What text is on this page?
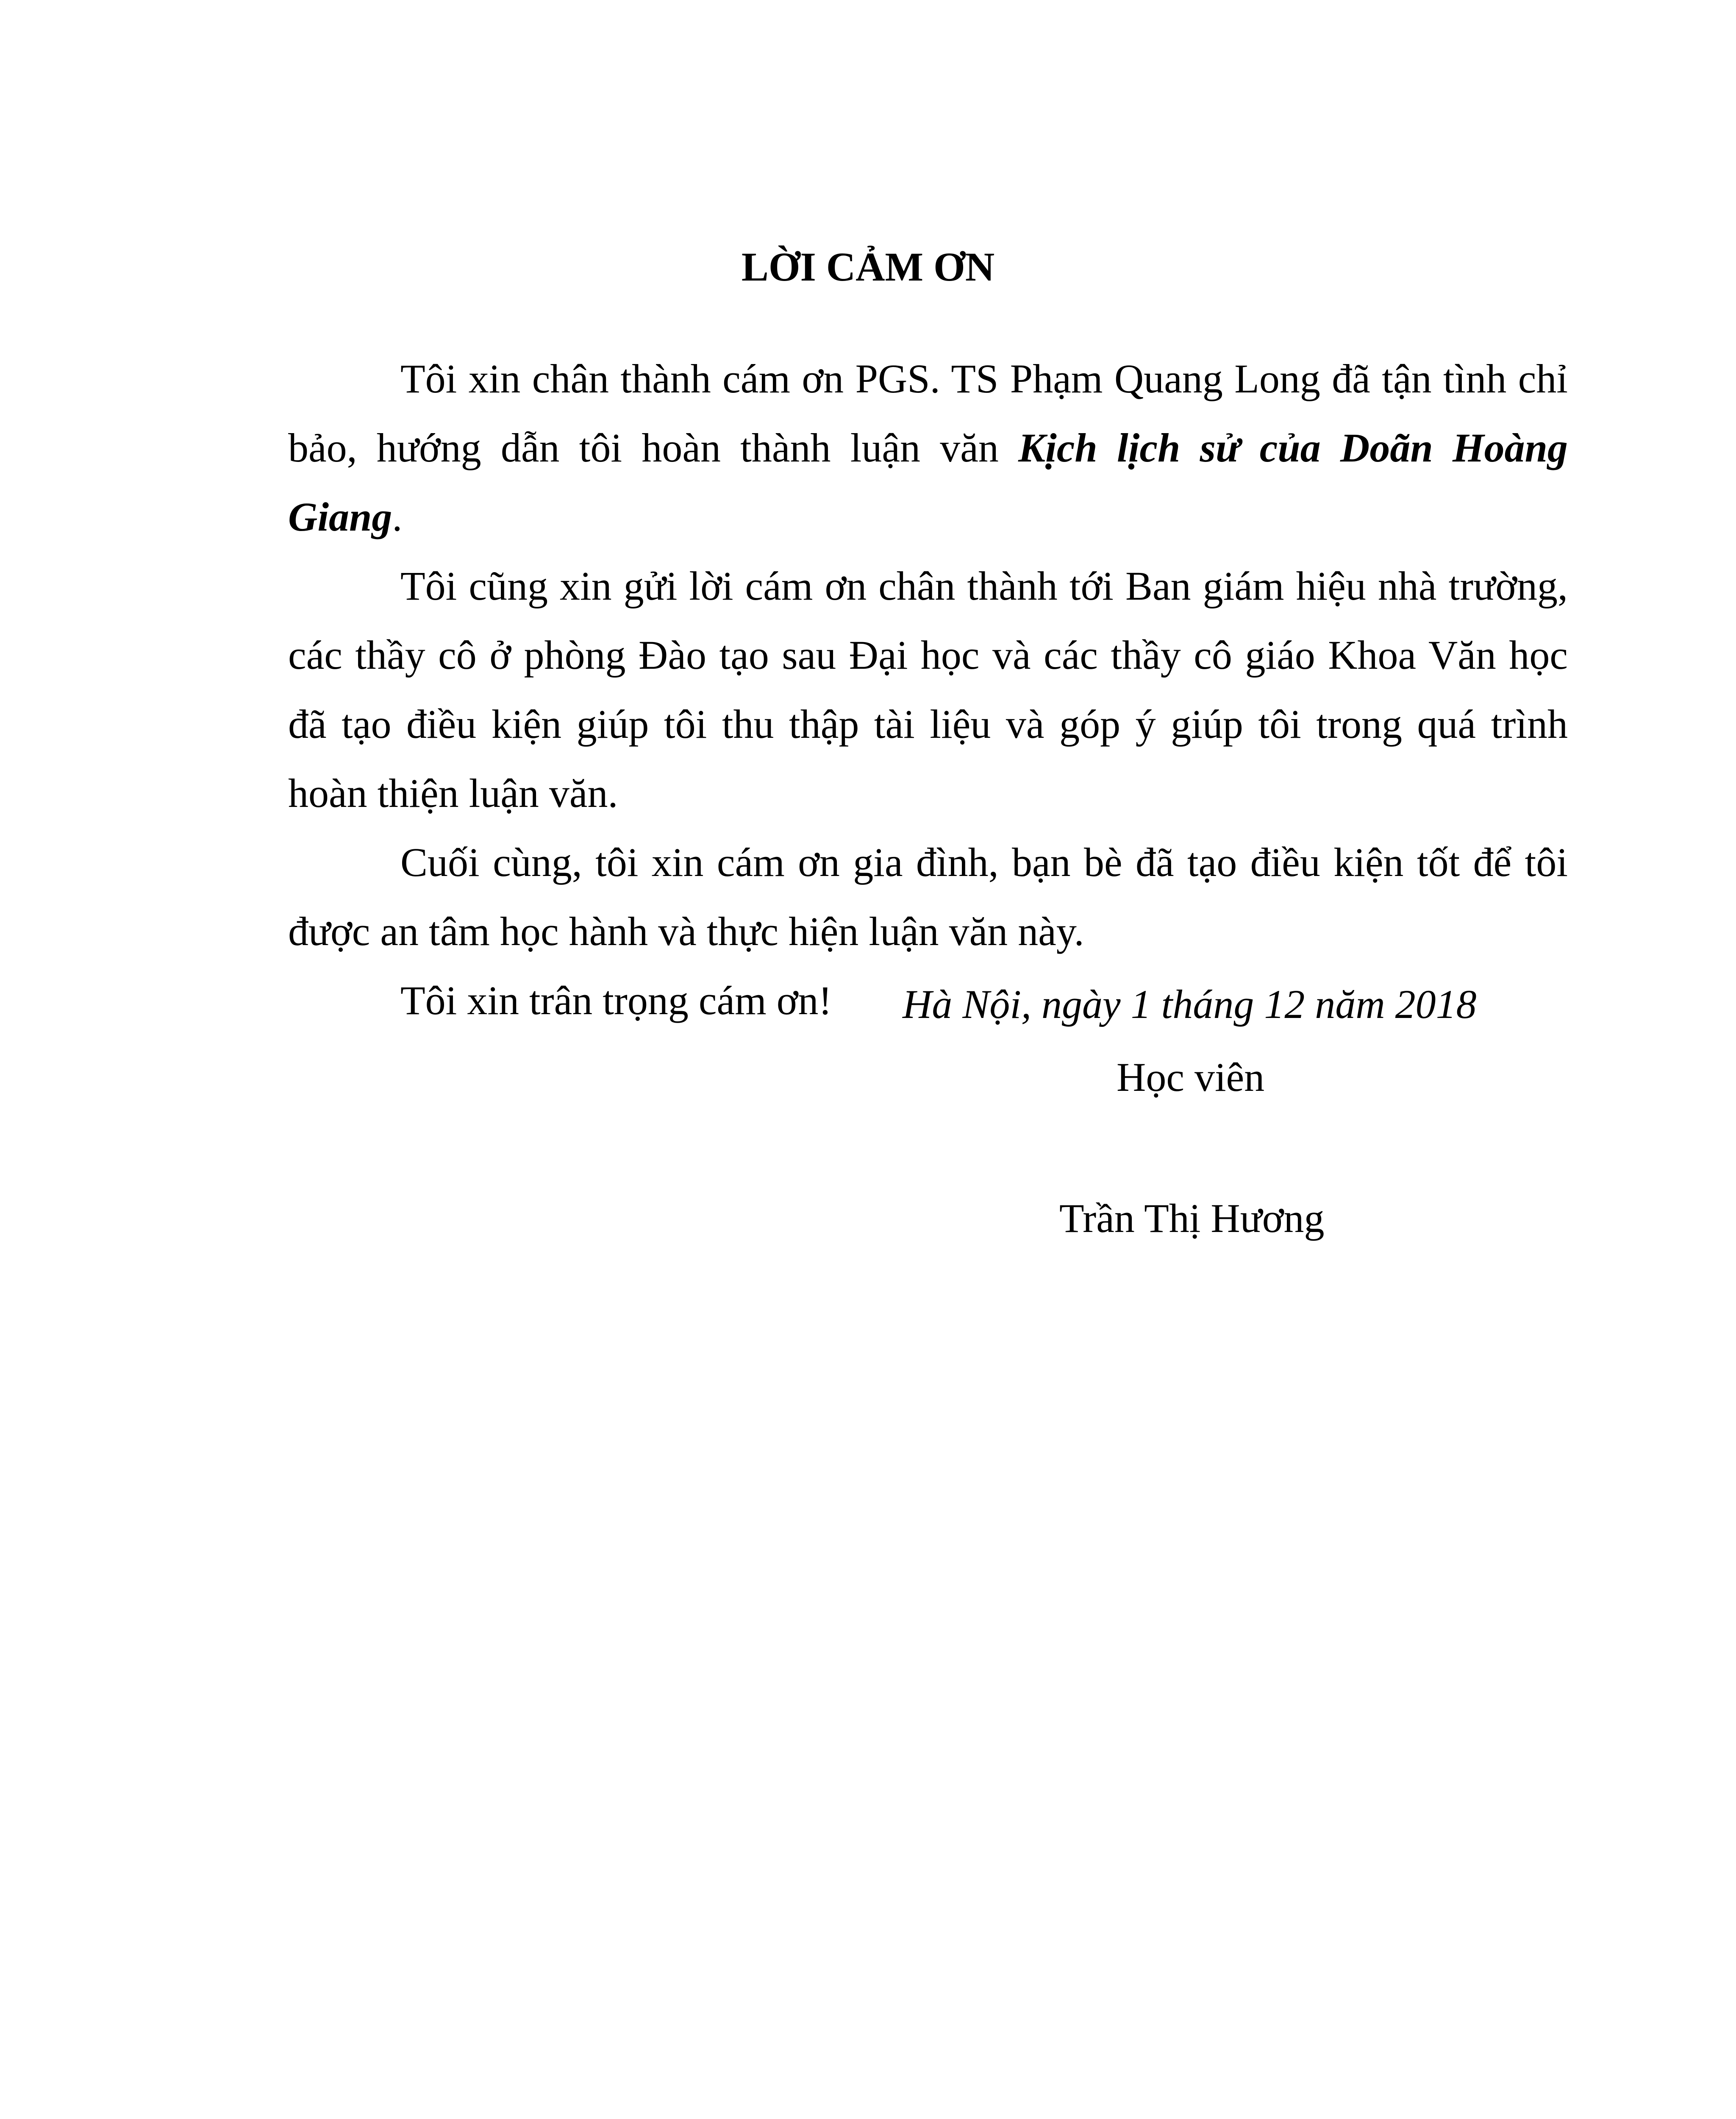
LỜI CẢM ƠN

Tôi xin chân thành cám ơn PGS. TS Phạm Quang Long đã tận tình chỉ bảo, hướng dẫn tôi hoàn thành luận văn Kịch lịch sử của Doãn Hoàng Giang.

Tôi cũng xin gửi lời cám ơn chân thành tới Ban giám hiệu nhà trường, các thầy cô ở phòng Đào tạo sau Đại học và các thầy cô giáo Khoa Văn học đã tạo điều kiện giúp tôi thu thập tài liệu và góp ý giúp tôi trong quá trình hoàn thiện luận văn.

Cuối cùng, tôi xin cám ơn gia đình, bạn bè đã tạo điều kiện tốt để tôi được an tâm học hành và thực hiện luận văn này.

Tôi xin trân trọng cám ơn!	Hà Nội, ngày 1 tháng 12 năm 2018
Học viên
Trần Thị Hương
